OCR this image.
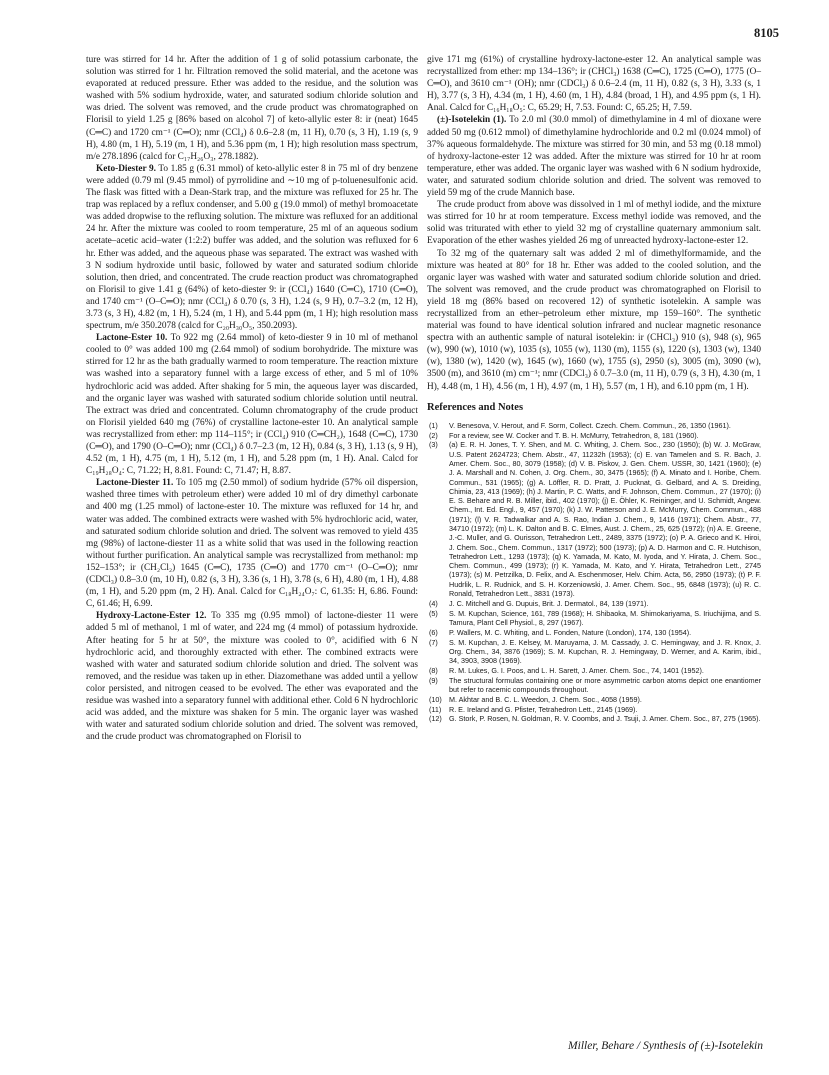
8105

ture was stirred for 14 hr. After the addition of 1 g of solid potassium carbonate, the solution was stirred for 1 hr. Filtration removed the solid material, and the acetone was evaporated at reduced pressure. Ether was added to the residue, and the solution was washed with 5% sodium hydroxide, water, and saturated sodium chloride solution and was dried. The solvent was removed, and the crude product was chromatographed on Florisil to yield 1.25 g [86% based on alcohol 7] of keto-allylic ester 8: ir (neat) 1645 (C═C) and 1720 cm⁻¹ (C═O); nmr (CCl₄) δ 0.6–2.8 (m, 11 H), 0.70 (s, 3 H), 1.19 (s, 9 H), 4.80 (m, 1 H), 5.19 (m, 1 H), and 5.36 ppm (m, 1 H); high resolution mass spectrum, m/e 278.1896 (calcd for C₁₇H₂₆O₃, 278.1882).

Keto-Diester 9. To 1.85 g (6.31 mmol) of keto-allylic ester 8 in 75 ml of dry benzene were added (0.79 ml (9.45 mmol) of pyrrolidine and ∼10 mg of p-toluenesulfonic acid. The flask was fitted with a Dean-Stark trap, and the mixture was refluxed for 25 hr. The trap was replaced by a reflux condenser, and 5.00 g (19.0 mmol) of methyl bromoacetate was added dropwise to the refluxing solution. The mixture was refluxed for an additional 24 hr. After the mixture was cooled to room temperature, 25 ml of an aqueous sodium acetate–acetic acid–water (1:2:2) buffer was added, and the solution was refluxed for 6 hr. Ether was added, and the aqueous phase was separated. The extract was washed with 3 N sodium hydroxide until basic, followed by water and saturated sodium chloride solution, then dried, and concentrated. The crude reaction product was chromatographed on Florisil to give 1.41 g (64%) of keto-diester 9: ir (CCl₄) 1640 (C═C), 1710 (C═O), and 1740 cm⁻¹ (O–C═O); nmr (CCl₄) δ 0.70 (s, 3 H), 1.24 (s, 9 H), 0.7–3.2 (m, 12 H), 3.73 (s, 3 H), 4.82 (m, 1 H), 5.24 (m, 1 H), and 5.44 ppm (m, 1 H); high resolution mass spectrum, m/e 350.2078 (calcd for C₂₀H₃₀O₅, 350.2093).

Lactone-Ester 10. To 922 mg (2.64 mmol) of keto-diester 9 in 10 ml of methanol cooled to 0° was added 100 mg (2.64 mmol) of sodium borohydride. The mixture was stirred for 12 hr as the bath gradually warmed to room temperature. The reaction mixture was washed into a separatory funnel with a large excess of ether, and 5 ml of 10% hydrochloric acid was added. After shaking for 5 min, the aqueous layer was discarded, and the organic layer was washed with saturated sodium chloride solution until neutral. The extract was dried and concentrated. Column chromatography of the crude product on Florisil yielded 640 mg (76%) of crystalline lactone-ester 10. An analytical sample was recrystallized from ether: mp 114–115°; ir (CCl₄) 910 (C═CH₂), 1648 (C═C), 1730 (C═O), and 1790 (O–C═O); nmr (CCl₄) δ 0.7–2.3 (m, 12 H), 0.84 (s, 3 H), 1.13 (s, 9 H), 4.52 (m, 1 H), 4.75 (m, 1 H), 5.12 (m, 1 H), and 5.28 ppm (m, 1 H). Anal. Calcd for C₁₉H₂₈O₄: C, 71.22; H, 8.81. Found: C, 71.47; H, 8.87.

Lactone-Diester 11. To 105 mg (2.50 mmol) of sodium hydride (57% oil dispersion, washed three times with petroleum ether) were added 10 ml of dry dimethyl carbonate and 400 mg (1.25 mmol) of lactone-ester 10. The mixture was refluxed for 14 hr, and water was added. The combined extracts were washed with 5% hydrochloric acid, water, and saturated sodium chloride solution and dried. The solvent was removed to yield 435 mg (98%) of lactone-diester 11 as a white solid that was used in the following reaction without further purification. An analytical sample was recrystallized from methanol: mp 152–153°; ir (CH₂Cl₂) 1645 (C═C), 1735 (C═O) and 1770 cm⁻¹ (O–C═O); nmr (CDCl₃) 0.8–3.0 (m, 10 H), 0.82 (s, 3 H), 3.36 (s, 1 H), 3.78 (s, 6 H), 4.80 (m, 1 H), 4.88 (m, 1 H), and 5.20 ppm (m, 2 H). Anal. Calcd for C₁₈H₂₄O₇: C, 61.35: H, 6.86. Found: C, 61.46; H, 6.99.

Hydroxy-Lactone-Ester 12. To 335 mg (0.95 mmol) of lactone-diester 11 were added 5 ml of methanol, 1 ml of water, and 224 mg (4 mmol) of potassium hydroxide. After heating for 5 hr at 50°, the mixture was cooled to 0°, acidified with 6 N hydrochloric acid, and thoroughly extracted with ether. The combined extracts were washed with water and saturated sodium chloride solution and dried. The solvent was removed, and the residue was taken up in ether. Diazomethane was added until a yellow color persisted, and nitrogen ceased to be evolved. The ether was evaporated and the residue was washed into a separatory funnel with additional ether. Cold 6 N hydrochloric acid was added, and the mixture was shaken for 5 min. The organic layer was washed with water and saturated sodium chloride solution and dried. The solvent was removed, and the crude product was chromatographed on Florisil to

give 171 mg (61%) of crystalline hydroxy-lactone-ester 12. An analytical sample was recrystallized from ether: mp 134–136°; ir (CHCl₃) 1638 (C═C), 1725 (C═O), 1775 (O–C═O), and 3610 cm⁻¹ (OH); nmr (CDCl₃) δ 0.6–2.4 (m, 11 H), 0.82 (s, 3 H), 3.33 (s, 1 H), 3.77 (s, 3 H), 4.34 (m, 1 H), 4.60 (m, 1 H), 4.84 (broad, 1 H), and 4.95 ppm (s, 1 H). Anal. Calcd for C₁₆H₁₈O₅: C, 65.29; H, 7.53. Found: C, 65.25; H, 7.59.

(±)-Isotelekin (1). To 2.0 ml (30.0 mmol) of dimethylamine in 4 ml of dioxane were added 50 mg (0.612 mmol) of dimethylamine hydrochloride and 0.2 ml (0.024 mmol) of 37% aqueous formaldehyde. The mixture was stirred for 30 min, and 53 mg (0.18 mmol) of hydroxy-lactone-ester 12 was added. After the mixture was stirred for 10 hr at room temperature, ether was added. The organic layer was washed with 6 N sodium hydroxide, water, and saturated sodium chloride solution and dried. The solvent was removed to yield 59 mg of the crude Mannich base.

The crude product from above was dissolved in 1 ml of methyl iodide, and the mixture was stirred for 10 hr at room temperature. Excess methyl iodide was removed, and the solid was triturated with ether to yield 32 mg of crystalline quaternary ammonium salt. Evaporation of the ether washes yielded 26 mg of unreacted hydroxy-lactone-ester 12.

To 32 mg of the quaternary salt was added 2 ml of dimethylformamide, and the mixture was heated at 80° for 18 hr. Ether was added to the cooled solution, and the organic layer was washed with water and saturated sodium chloride solution and dried. The solvent was removed, and the crude product was chromatographed on Florisil to yield 18 mg (86% based on recovered 12) of synthetic isotelekin. A sample was recrystallized from an ether–petroleum ether mixture, mp 159–160°. The synthetic material was found to have identical solution infrared and nuclear magnetic resonance spectra with an authentic sample of natural isotelekin: ir (CHCl₃) 910 (s), 948 (s), 965 (w), 990 (w), 1010 (w), 1035 (s), 1055 (w), 1130 (m), 1155 (s), 1220 (s), 1303 (w), 1340 (w), 1380 (w), 1420 (w), 1645 (w), 1660 (w), 1755 (s), 2950 (s), 3005 (m), 3090 (w), 3500 (m), and 3610 (m) cm⁻¹; nmr (CDCl₃) δ 0.7–3.0 (m, 11 H), 0.79 (s, 3 H), 4.30 (m, 1 H), 4.48 (m, 1 H), 4.56 (m, 1 H), 4.97 (m, 1 H), 5.57 (m, 1 H), and 6.10 ppm (m, 1 H).

References and Notes
(1)	V. Benesova, V. Herout, and F. Sorm, Collect. Czech. Chem. Commun., 26, 1350 (1961).
(2)	For a review, see W. Cocker and T. B. H. McMurry, Tetrahedron, 8, 181 (1960).
(3)	(a) E. R. H. Jones, T. Y. Shen, and M. C. Whiting, J. Chem. Soc., 230 (1950); (b) W. J. McGraw, U.S. Patent 2624723; Chem. Abstr., 47, 11232h (1953); (c) E. van Tamelen and S. R. Bach, J. Amer. Chem. Soc., 80, 3079 (1958); (d) V. B. Piskov, J. Gen. Chem. USSR, 30, 1421 (1960); (e) J. A. Marshall and N. Cohen, J. Org. Chem., 30, 3475 (1965); (f) A. Minato and I. Horibe, Chem. Commun., 531 (1965); (g) A. Löffler, R. D. Pratt, J. Pucknat, G. Gelbard, and A. S. Dreiding, Chimia, 23, 413 (1969); (h) J. Martin, P. C. Watts, and F. Johnson, Chem. Commun., 27 (1970); (i) E. S. Behare and R. B. Miller, ibid., 402 (1970); (j) E. Öhler, K. Reininger, and U. Schmidt, Angew. Chem., Int. Ed. Engl., 9, 457 (1970); (k) J. W. Patterson and J. E. McMurry, Chem. Commun., 488 (1971); (l) V. R. Tadwalkar and A. S. Rao, Indian J. Chem., 9, 1416 (1971); Chem. Abstr., 77, 34710 (1972); (m) L. K. Dalton and B. C. Elmes, Aust. J. Chem., 25, 625 (1972); (n) A. E. Greene, J.-C. Muller, and G. Ourisson, Tetrahedron Lett., 2489, 3375 (1972); (o) P. A. Grieco and K. Hiroi, J. Chem. Soc., Chem. Commun., 1317 (1972); 500 (1973); (p) A. D. Harmon and C. R. Hutchison, Tetrahedron Lett., 1293 (1973); (q) K. Yamada, M. Kato, M. Iyoda, and Y. Hirata, J. Chem. Soc., Chem. Commun., 499 (1973); (r) K. Yamada, M. Kato, and Y. Hirata, Tetrahedron Lett., 2745 (1973); (s) M. Petrzilka, D. Felix, and A. Eschenmoser, Helv. Chim. Acta, 56, 2950 (1973); (t) P. F. Hudrlik, L. R. Rudnick, and S. H. Korzeniowski, J. Amer. Chem. Soc., 95, 6848 (1973); (u) R. C. Ronald, Tetrahedron Lett., 3831 (1973).
(4)	J. C. Mitchell and G. Dupuis, Brit. J. Dermatol., 84, 139 (1971).
(5)	S. M. Kupchan, Science, 161, 789 (1968); H. Shibaoka, M. Shimokariyama, S. Iriuchijima, and S. Tamura, Plant Cell Physiol., 8, 297 (1967).
(6)	P. Wallers, M. C. Whiting, and L. Fonden, Nature (London), 174, 130 (1954).
(7)	S. M. Kupchan, J. E. Kelsey, M. Maruyama, J. M. Cassady, J. C. Hemingway, and J. R. Knox, J. Org. Chem., 34, 3876 (1969); S. M. Kupchan, R. J. Hemingway, D. Werner, and A. Karim, ibid., 34, 3903, 3908 (1969).
(8)	R. M. Lukes, G. I. Poos, and L. H. Sarett, J. Amer. Chem. Soc., 74, 1401 (1952).
(9)	The structural formulas containing one or more asymmetric carbon atoms depict one enantiomer but refer to racemic compounds throughout.
(10)	M. Akhtar and B. C. L. Weedon, J. Chem. Soc., 4058 (1959).
(11)	R. E. Ireland and G. Pfister, Tetrahedron Lett., 2145 (1969).
(12)	G. Stork, P. Rosen, N. Goldman, R. V. Coombs, and J. Tsuji, J. Amer. Chem. Soc., 87, 275 (1965).
Miller, Behare / Synthesis of (±)-Isotelekin
